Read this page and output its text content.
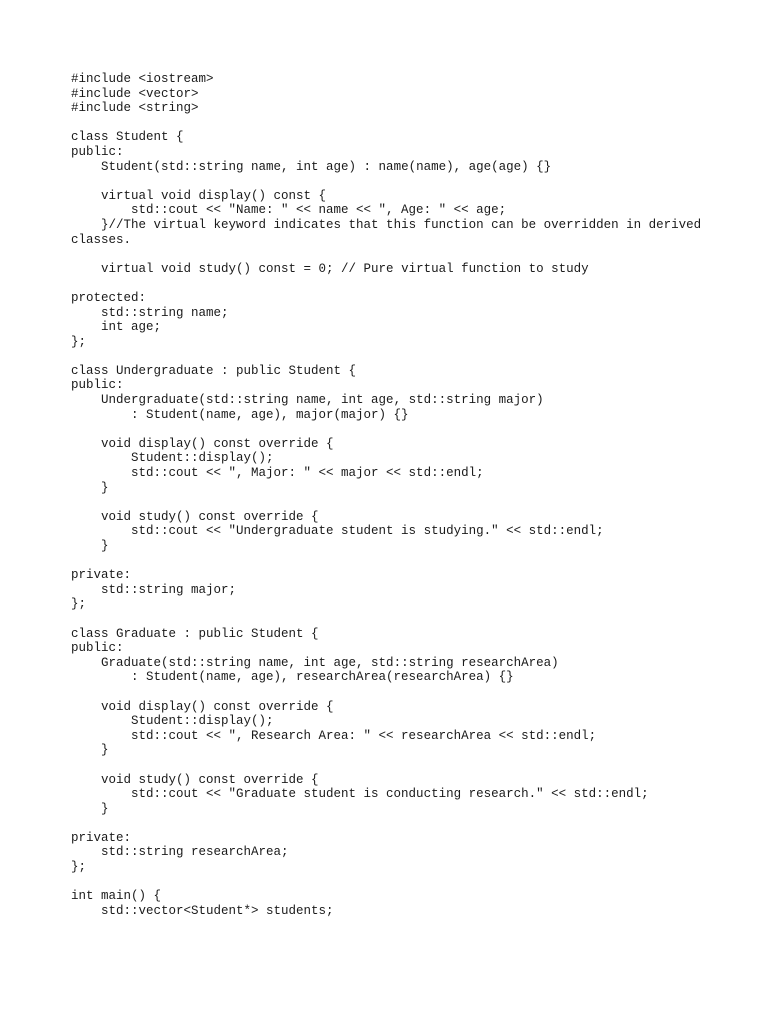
#include <iostream>
#include <vector>
#include <string>

class Student {
public:
Student(std::string name, int age) : name(name), age(age) {}

virtual void display() const {
std::cout << "Name: " << name << ", Age: " << age;
}//The virtual keyword indicates that this function can be overridden in derived classes.

virtual void study() const = 0; // Pure virtual function to study

protected:
std::string name;
int age;
};

class Undergraduate : public Student {
public:
Undergraduate(std::string name, int age, std::string major)
: Student(name, age), major(major) {}

void display() const override {
Student::display();
std::cout << ", Major: " << major << std::endl;
}

void study() const override {
std::cout << "Undergraduate student is studying." << std::endl;
}

private:
std::string major;
};

class Graduate : public Student {
public:
Graduate(std::string name, int age, std::string researchArea)
: Student(name, age), researchArea(researchArea) {}

void display() const override {
Student::display();
std::cout << ", Research Area: " << researchArea << std::endl;
}

void study() const override {
std::cout << "Graduate student is conducting research." << std::endl;
}

private:
std::string researchArea;
};

int main() {
std::vector<Student*> students;
